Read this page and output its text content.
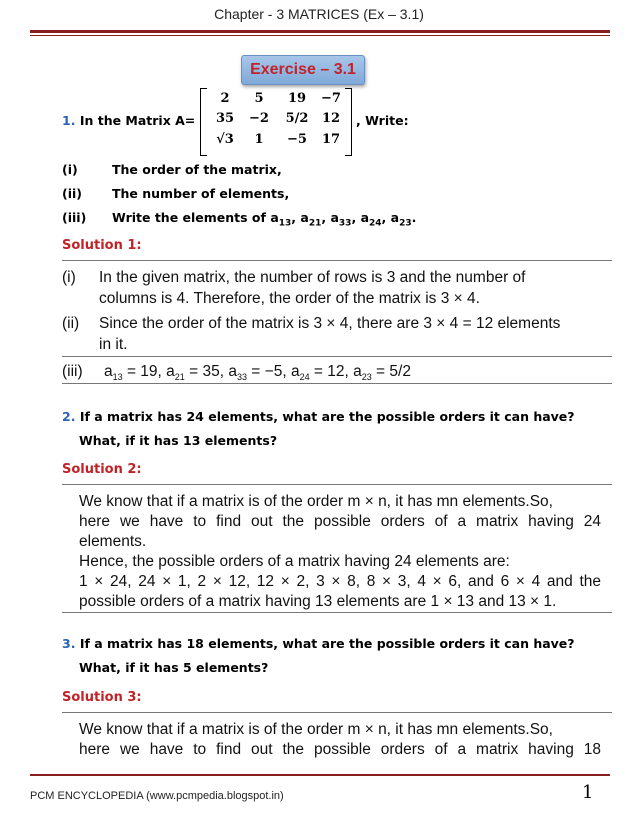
Chapter - 3 MATRICES (Ex – 3.1)
Exercise – 3.1
1. In the Matrix A=
2	5	19	−7
35	−2	5/2	12
√3	1	−5	17
, Write:
(i)	The order of the matrix,
(ii) The number of elements,
(iii) Write the elements of $a_{13}$, $a_{21}$, $a_{33}$, $a_{24}$, $a_{23}$.
Solution 1:
(i) In the given matrix, the number of rows is 3 and the number of
columns is 4. Therefore, the order of the matrix is 3 × 4.
(ii) Since the order of the matrix is 3 × 4, there are 3 × 4 = 12 elements
in it.
(iii) $a_{13} = 19$, $a_{21} = 35$, $a_{33} = -5$, $a_{24} = 12$, $a_{23} = 5/2$
2. If a matrix has 24 elements, what are the possible orders it can have?
What, if it has 13 elements?
Solution 2:
We know that if a matrix is of the order m × n, it has mn elements.So,
here we have to find out the possible orders of a matrix having 24
elements.
Hence, the possible orders of a matrix having 24 elements are:
1 × 24, 24 × 1, 2 × 12, 12 × 2, 3 × 8, 8 × 3, 4 × 6, and 6 × 4 and the
possible orders of a matrix having 13 elements are 1 × 13 and 13 × 1.
3. If a matrix has 18 elements, what are the possible orders it can have?
What, if it has 5 elements?
Solution 3:
We know that if a matrix is of the order m × n, it has mn elements.So,
here we have to find out the possible orders of a matrix having 18
PCM ENCYCLOPEDIA (www.pcmpedia.blogspot.in)	1
